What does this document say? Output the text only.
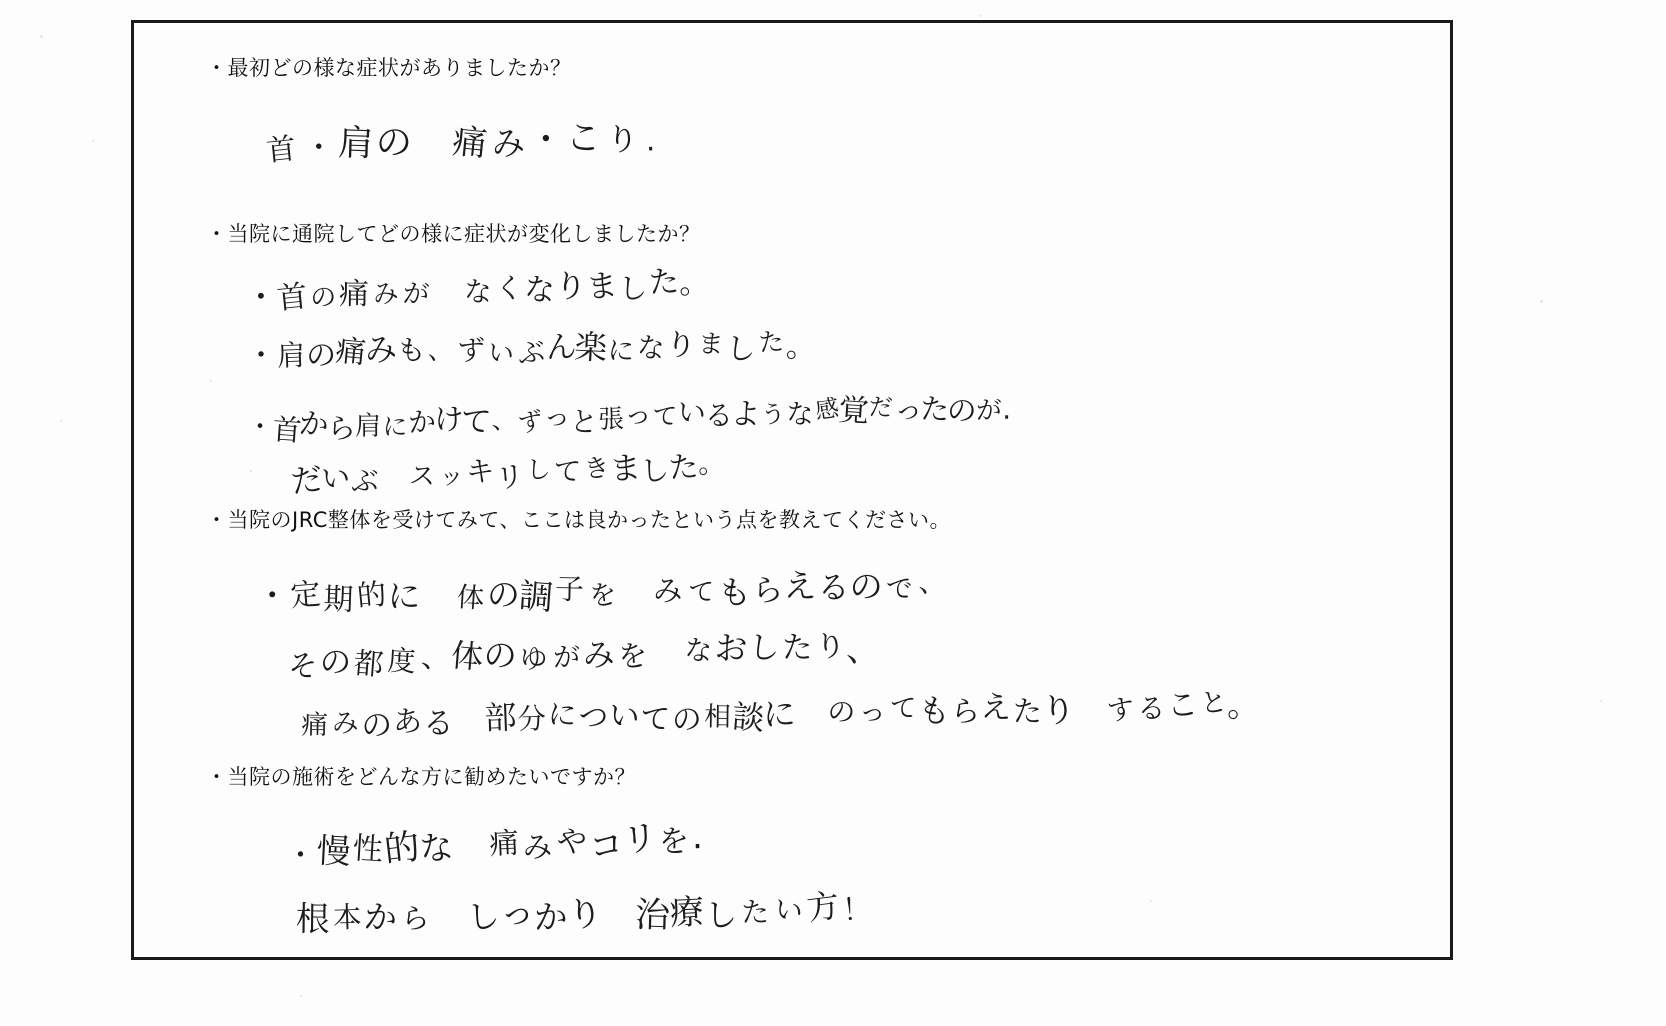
・最初どの様な症状がありましたか？
首・肩の　 痛み・こり.
・当院に通院してどの様に症状が変化しましたか？
・首の痛みが　 なくなりました。
・肩の痛みも、ずいぶん楽になりました。
・首から肩にかけて、ずっと張っているような感覚だったのが.
だいぶ　 スッキリしてきました。
・当院のJRC整体を受けてみて、ここは良かったという点を教えてください。
・定期的に　 体の調子を　 みてもらえるので、
その都度、体のゆがみを　 なおしたり、
痛みのある　 部分についての相談に　 のってもらえたり　 すること。
・当院の施術をどんな方に勧めたいですか？
・慢性的な　 痛みやコリを.
根本から　 しっかり　 治療したい方！
